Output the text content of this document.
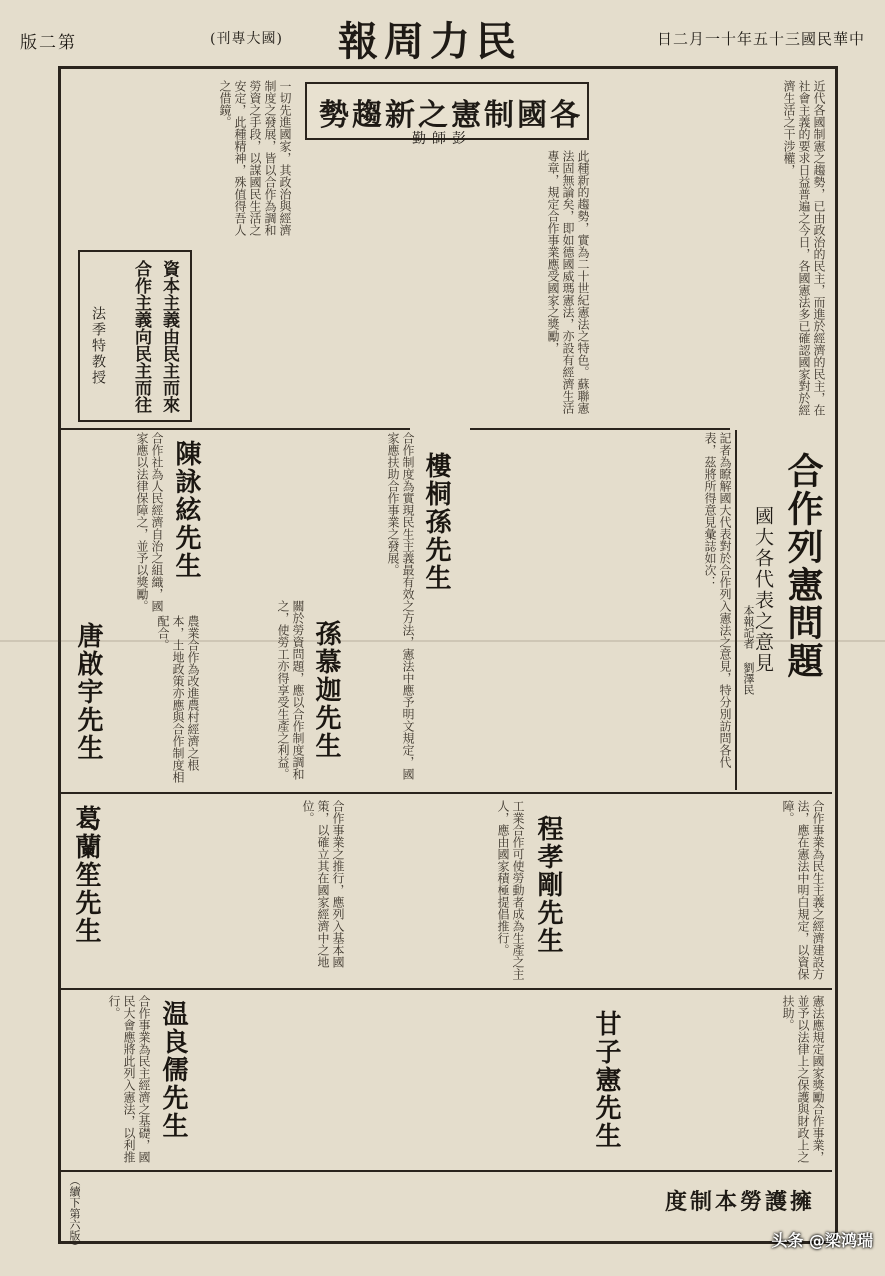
第二版	(國大專刊) 民力周報	中華民國三十五年十一月二日
各國制憲之新趨勢
彭師勤	近代各國制憲之趨勢，已由政治的民主，而進於經濟的民主，在社會主義的要求日益普遍之今日，各國憲法多已確認國家對於經濟生活之干涉權，
此種新的趨勢，實為二十世紀憲法之特色。蘇聯憲法固無論矣，即如德國威瑪憲法，亦設有經濟生活專章，規定合作事業應受國家之獎勵，
一切先進國家，其政治與經濟制度之發展，皆以合作為調和勞資之手段，以謀國民生活之安定，此種精神，殊值得吾人之借鏡。
資本主義由民主而來
合作主義向民主而往
法季特教授
合作列憲問題
國大各代表之意見
本報記者 劉澤民
記者為瞭解國大代表對於合作列入憲法之意見，特分別訪問各代表，茲將所得意見彙誌如次：
合作事業為民生主義之經濟建設方法，應在憲法中明白規定，以資保障。
樓桐孫先生
合作制度為實現民生主義最有效之方法，憲法中應予明文規定，國家應扶助合作事業之發展。
陳詠絃先生
合作社為人民經濟自治之組織，國家應以法律保障之，並予以獎勵。
孫慕迦先生
關於勞資問題，應以合作制度調和之，使勞工亦得享受生產之利益。
唐啟宇先生	農業合作為改進農村經濟之根本，土地政策亦應與合作制度相配合。
程孝剛先生
工業合作可使勞動者成為生產之主人，應由國家積極提倡推行。
葛蘭笙先生	合作事業之推行，應列入基本國策，以確立其在國家經濟中之地位。
甘子憲先生	憲法應規定國家獎勵合作事業，並予以法律上之保護與財政上之扶助。
温良儒先生
合作事業為民主經濟之基礎，國民大會應將此列入憲法，以利推行。
擁護勞本制度
（續下第六版）	头条 @梁鸿瑞
